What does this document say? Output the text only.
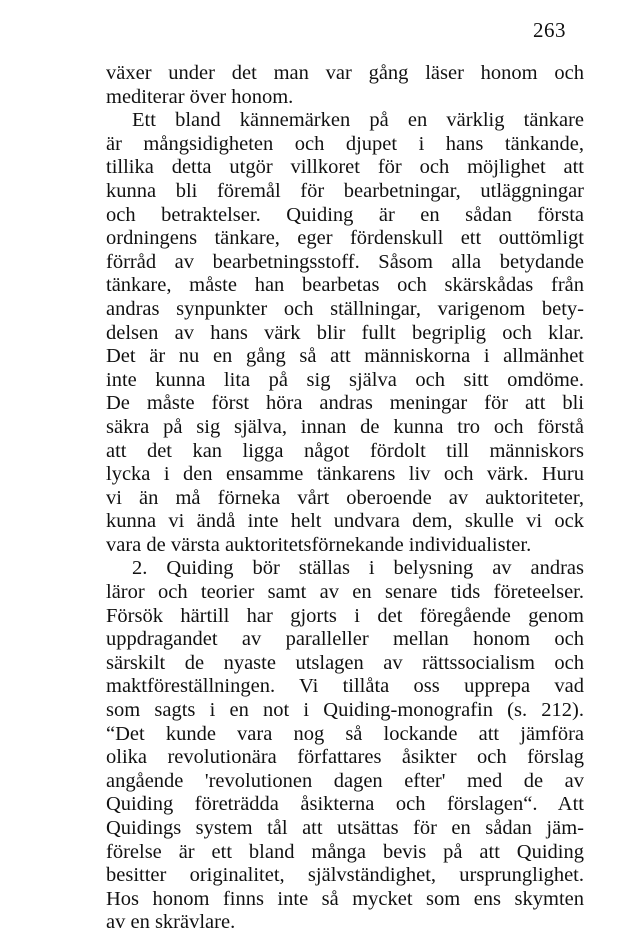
263
växer under det man var gång läser honom och
mediterar över honom.
Ett bland kännemärken på en värklig tänkare
är mångsidigheten och djupet i hans tänkande,
tillika detta utgör villkoret för och möjlighet att
kunna bli föremål för bearbetningar, utläggningar
och betraktelser. Quiding är en sådan första
ordningens tänkare, eger fördenskull ett outtömligt
förråd av bearbetningsstoff. Såsom alla betydande
tänkare, måste han bearbetas och skärskådas från
andras synpunkter och ställningar, varigenom bety-
delsen av hans värk blir fullt begriplig och klar.
Det är nu en gång så att människorna i allmänhet
inte kunna lita på sig själva och sitt omdöme.
De måste först höra andras meningar för att bli
säkra på sig själva, innan de kunna tro och förstå
att det kan ligga något fördolt till människors
lycka i den ensamme tänkarens liv och värk. Huru
vi än må förneka vårt oberoende av auktoriteter,
kunna vi ändå inte helt undvara dem, skulle vi ock
vara de värsta auktoritetsförnekande individualister.
2. Quiding bör ställas i belysning av andras
läror och teorier samt av en senare tids företeelser.
Försök härtill har gjorts i det föregående genom
uppdragandet av paralleller mellan honom och
särskilt de nyaste utslagen av rättssocialism och
maktföreställningen. Vi tillåta oss upprepa vad
som sagts i en not i Quiding-monografin (s. 212).
“Det kunde vara nog så lockande att jämföra
olika revolutionära författares åsikter och förslag
angående 'revolutionen dagen efter' med de av
Quiding företrädda åsikterna och förslagen“. Att
Quidings system tål att utsättas för en sådan jäm-
förelse är ett bland många bevis på att Quiding
besitter originalitet, självständighet, ursprunglighet.
Hos honom finns inte så mycket som ens skymten
av en skrävlare.
